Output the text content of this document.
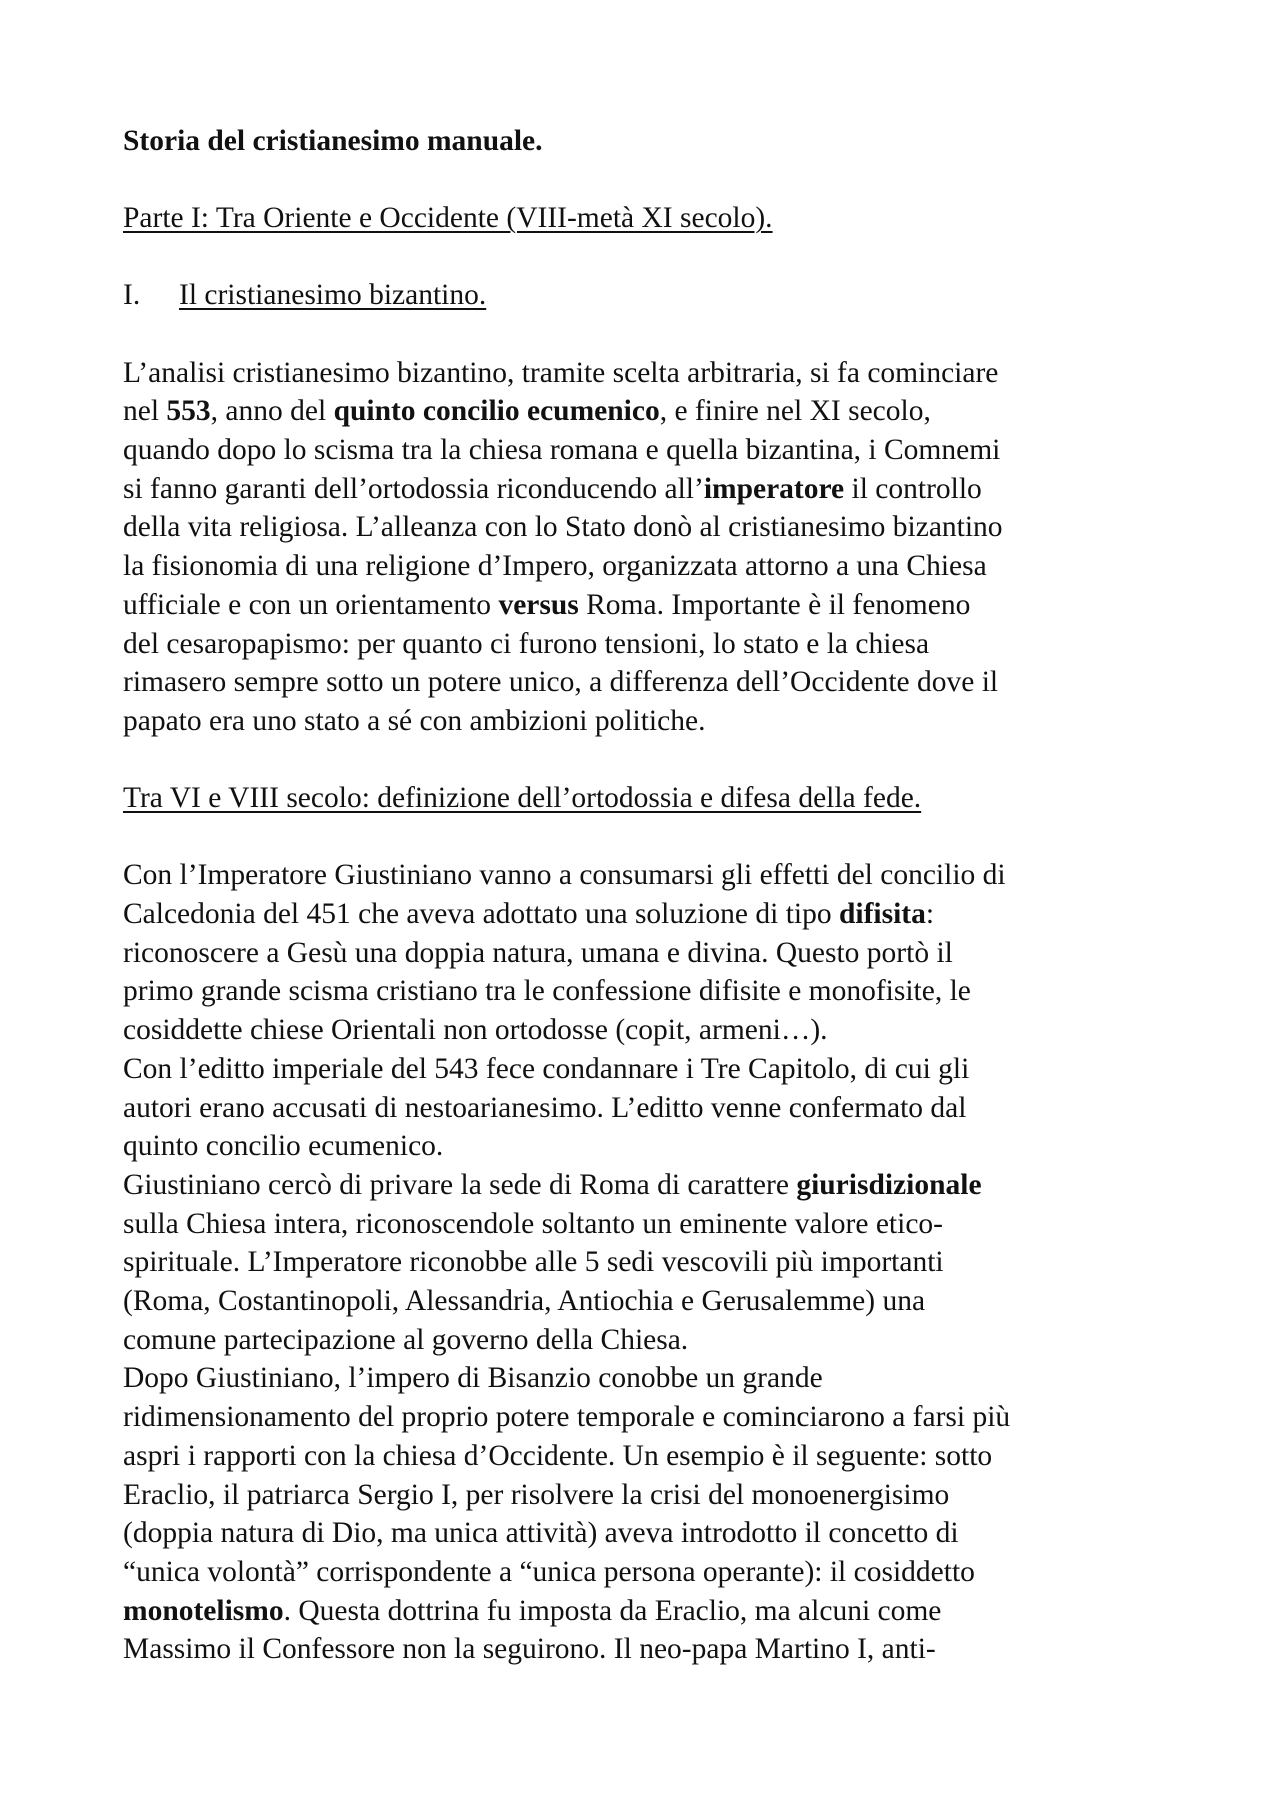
Storia del cristianesimo manuale.
Parte I: Tra Oriente e Occidente (VIII-metà XI secolo).
I. Il cristianesimo bizantino.

L’analisi cristianesimo bizantino, tramite scelta arbitraria, si fa cominciare
nel 553, anno del quinto concilio ecumenico, e finire nel XI secolo,
quando dopo lo scisma tra la chiesa romana e quella bizantina, i Comnemi
si fanno garanti dell’ortodossia riconducendo all’imperatore il controllo
della vita religiosa. L’alleanza con lo Stato donò al cristianesimo bizantino
la fisionomia di una religione d’Impero, organizzata attorno a una Chiesa
ufficiale e con un orientamento versus Roma. Importante è il fenomeno
del cesaropapismo: per quanto ci furono tensioni, lo stato e la chiesa
rimasero sempre sotto un potere unico, a differenza dell’Occidente dove il
papato era uno stato a sé con ambizioni politiche.

Tra VI e VIII secolo: definizione dell’ortodossia e difesa della fede.

Con l’Imperatore Giustiniano vanno a consumarsi gli effetti del concilio di
Calcedonia del 451 che aveva adottato una soluzione di tipo difisita:
riconoscere a Gesù una doppia natura, umana e divina. Questo portò il
primo grande scisma cristiano tra le confessione difisite e monofisite, le
cosiddette chiese Orientali non ortodosse (copit, armeni…).
Con l’editto imperiale del 543 fece condannare i Tre Capitolo, di cui gli
autori erano accusati di nestoarianesimo. L’editto venne confermato dal
quinto concilio ecumenico.
Giustiniano cercò di privare la sede di Roma di carattere giurisdizionale
sulla Chiesa intera, riconoscendole soltanto un eminente valore etico-
spirituale. L’Imperatore riconobbe alle 5 sedi vescovili più importanti
(Roma, Costantinopoli, Alessandria, Antiochia e Gerusalemme) una
comune partecipazione al governo della Chiesa.
Dopo Giustiniano, l’impero di Bisanzio conobbe un grande
ridimensionamento del proprio potere temporale e cominciarono a farsi più
aspri i rapporti con la chiesa d’Occidente. Un esempio è il seguente: sotto
Eraclio, il patriarca Sergio I, per risolvere la crisi del monoenergisimo
(doppia natura di Dio, ma unica attività) aveva introdotto il concetto di
“unica volontà” corrispondente a “unica persona operante): il cosiddetto
monotelismo. Questa dottrina fu imposta da Eraclio, ma alcuni come
Massimo il Confessore non la seguirono. Il neo-papa Martino I, anti-
